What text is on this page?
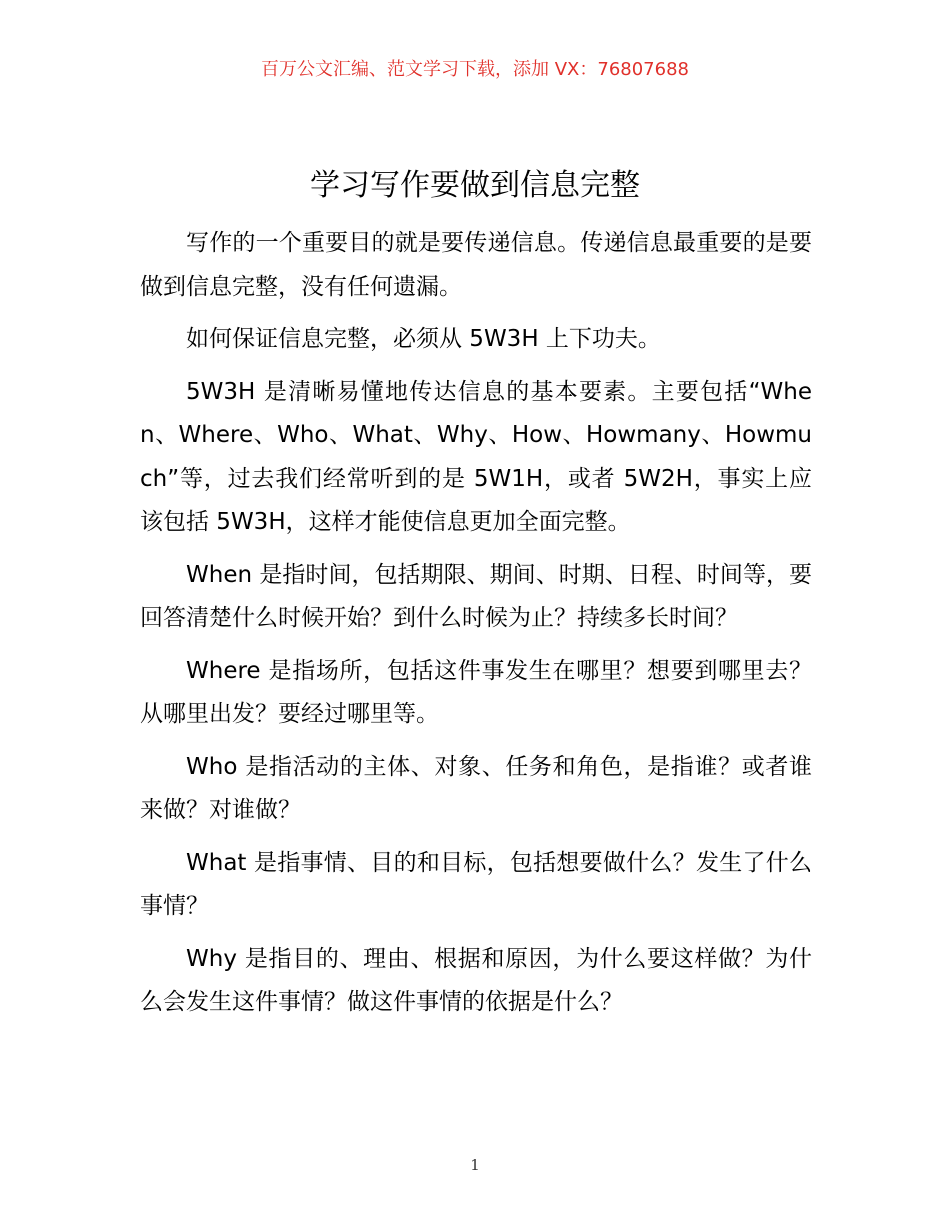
百万公文汇编、范文学习下载，添加 VX：76807688
学习写作要做到信息完整

写作的一个重要目的就是要传递信息。传递信息最重要的是要做到信息完整，没有任何遗漏。

如何保证信息完整，必须从 5W3H 上下功夫。

5W3H 是清晰易懂地传达信息的基本要素。主要包括“When、Where、Who、What、Why、How、Howmany、Howmuch”等，过去我们经常听到的是 5W1H，或者 5W2H，事实上应该包括 5W3H，这样才能使信息更加全面完整。

When 是指时间，包括期限、期间、时期、日程、时间等，要回答清楚什么时候开始？到什么时候为止？持续多长时间？

Where 是指场所，包括这件事发生在哪里？想要到哪里去？从哪里出发？要经过哪里等。

Who 是指活动的主体、对象、任务和角色，是指谁？或者谁来做？对谁做？

What 是指事情、目的和目标，包括想要做什么？发生了什么事情？

Why 是指目的、理由、根据和原因，为什么要这样做？为什么会发生这件事情？做这件事情的依据是什么？

1
